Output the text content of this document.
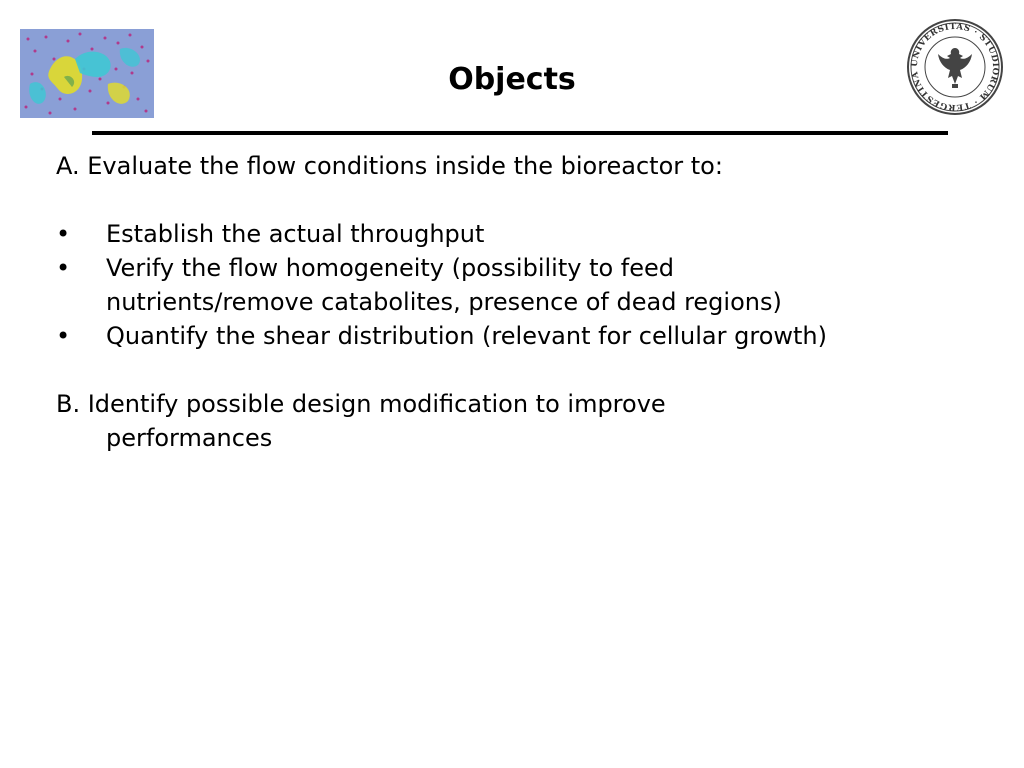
UNIVERSITAS · STUDIORUM · TERGESTINA
Objects

A. Evaluate the flow conditions inside the bioreactor to:

• Establish the actual throughput
• Verify the flow homogeneity (possibility to feed
nutrients/remove catabolites, presence of dead regions)
• Quantify the shear distribution (relevant for cellular growth)

B. Identify possible design modification to improve
performances
